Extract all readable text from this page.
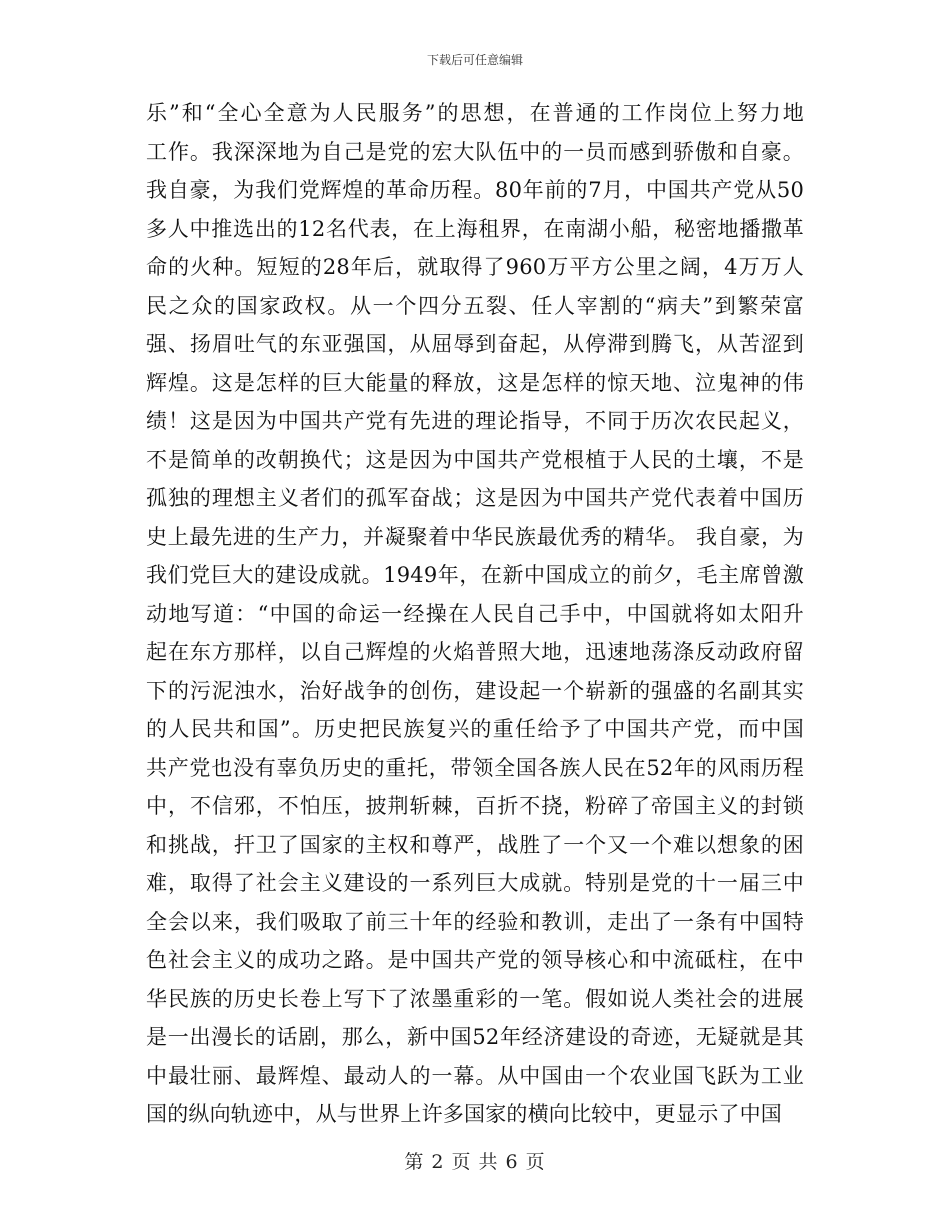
下载后可任意编辑
乐”和“全心全意为人民服务”的思想，在普通的工作岗位上努力地
工作。我深深地为自己是党的宏大队伍中的一员而感到骄傲和自豪。
我自豪，为我们党辉煌的革命历程。80年前的7月，中国共产党从50
多人中推选出的12名代表，在上海租界，在南湖小船，秘密地播撒革
命的火种。短短的28年后，就取得了960万平方公里之阔，4万万人
民之众的国家政权。从一个四分五裂、任人宰割的“病夫”到繁荣富
强、扬眉吐气的东亚强国，从屈辱到奋起，从停滞到腾飞，从苦涩到
辉煌。这是怎样的巨大能量的释放，这是怎样的惊天地、泣鬼神的伟
绩！这是因为中国共产党有先进的理论指导，不同于历次农民起义，
不是简单的改朝换代；这是因为中国共产党根植于人民的土壤，不是
孤独的理想主义者们的孤军奋战；这是因为中国共产党代表着中国历
史上最先进的生产力，并凝聚着中华民族最优秀的精华。 我自豪，为
我们党巨大的建设成就。1949年，在新中国成立的前夕，毛主席曾激
动地写道：“中国的命运一经操在人民自己手中，中国就将如太阳升
起在东方那样，以自己辉煌的火焰普照大地，迅速地荡涤反动政府留
下的污泥浊水，治好战争的创伤，建设起一个崭新的强盛的名副其实
的人民共和国”。历史把民族复兴的重任给予了中国共产党，而中国
共产党也没有辜负历史的重托，带领全国各族人民在52年的风雨历程
中，不信邪，不怕压，披荆斩棘，百折不挠，粉碎了帝国主义的封锁
和挑战，扞卫了国家的主权和尊严，战胜了一个又一个难以想象的困
难，取得了社会主义建设的一系列巨大成就。特别是党的十一届三中
全会以来，我们吸取了前三十年的经验和教训，走出了一条有中国特
色社会主义的成功之路。是中国共产党的领导核心和中流砥柱，在中
华民族的历史长卷上写下了浓墨重彩的一笔。假如说人类社会的进展
是一出漫长的话剧，那么，新中国52年经济建设的奇迹，无疑就是其
中最壮丽、最辉煌、最动人的一幕。从中国由一个农业国飞跃为工业
国的纵向轨迹中，从与世界上许多国家的横向比较中，更显示了中国
第 2 页 共 6 页
